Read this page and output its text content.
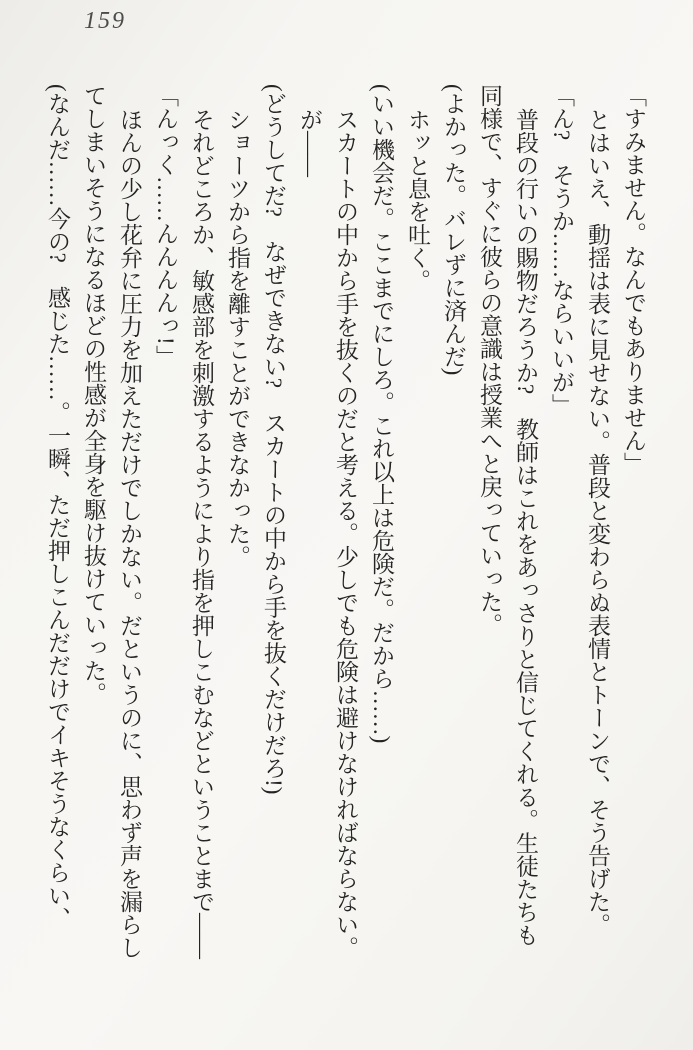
159

「すみません。なんでもありません」

とはいえ、動揺は表に見せない。普段と変わらぬ表情とトーンで、そう告げた。

「ん?　そうか……ならいいが」

普段の行いの賜物だろうか?　教師はこれをあっさりと信じてくれる。生徒たちも

同様で、すぐに彼らの意識は授業へと戻っていった。

(よかった。バレずに済んだ)

ホッと息を吐く。

(いい機会だ。ここまでにしろ。これ以上は危険だ。だから……)

スカートの中から手を抜くのだと考える。少しでも危険は避けなければならない。

が――

(どうしてだ?　なぜできない?　スカートの中から手を抜くだけだろ!)

ショーツから指を離すことができなかった。

それどころか、敏感部を刺激するようにより指を押しこむなどということまで――

「んっく……んんんんっ!」

ほんの少し花弁に圧力を加えただけでしかない。だというのに、思わず声を漏らし

てしまいそうになるほどの性感が全身を駆け抜けていった。

(なんだ……今の?　感じた……。一瞬、ただ押しこんだだけでイキそうなくらい、
